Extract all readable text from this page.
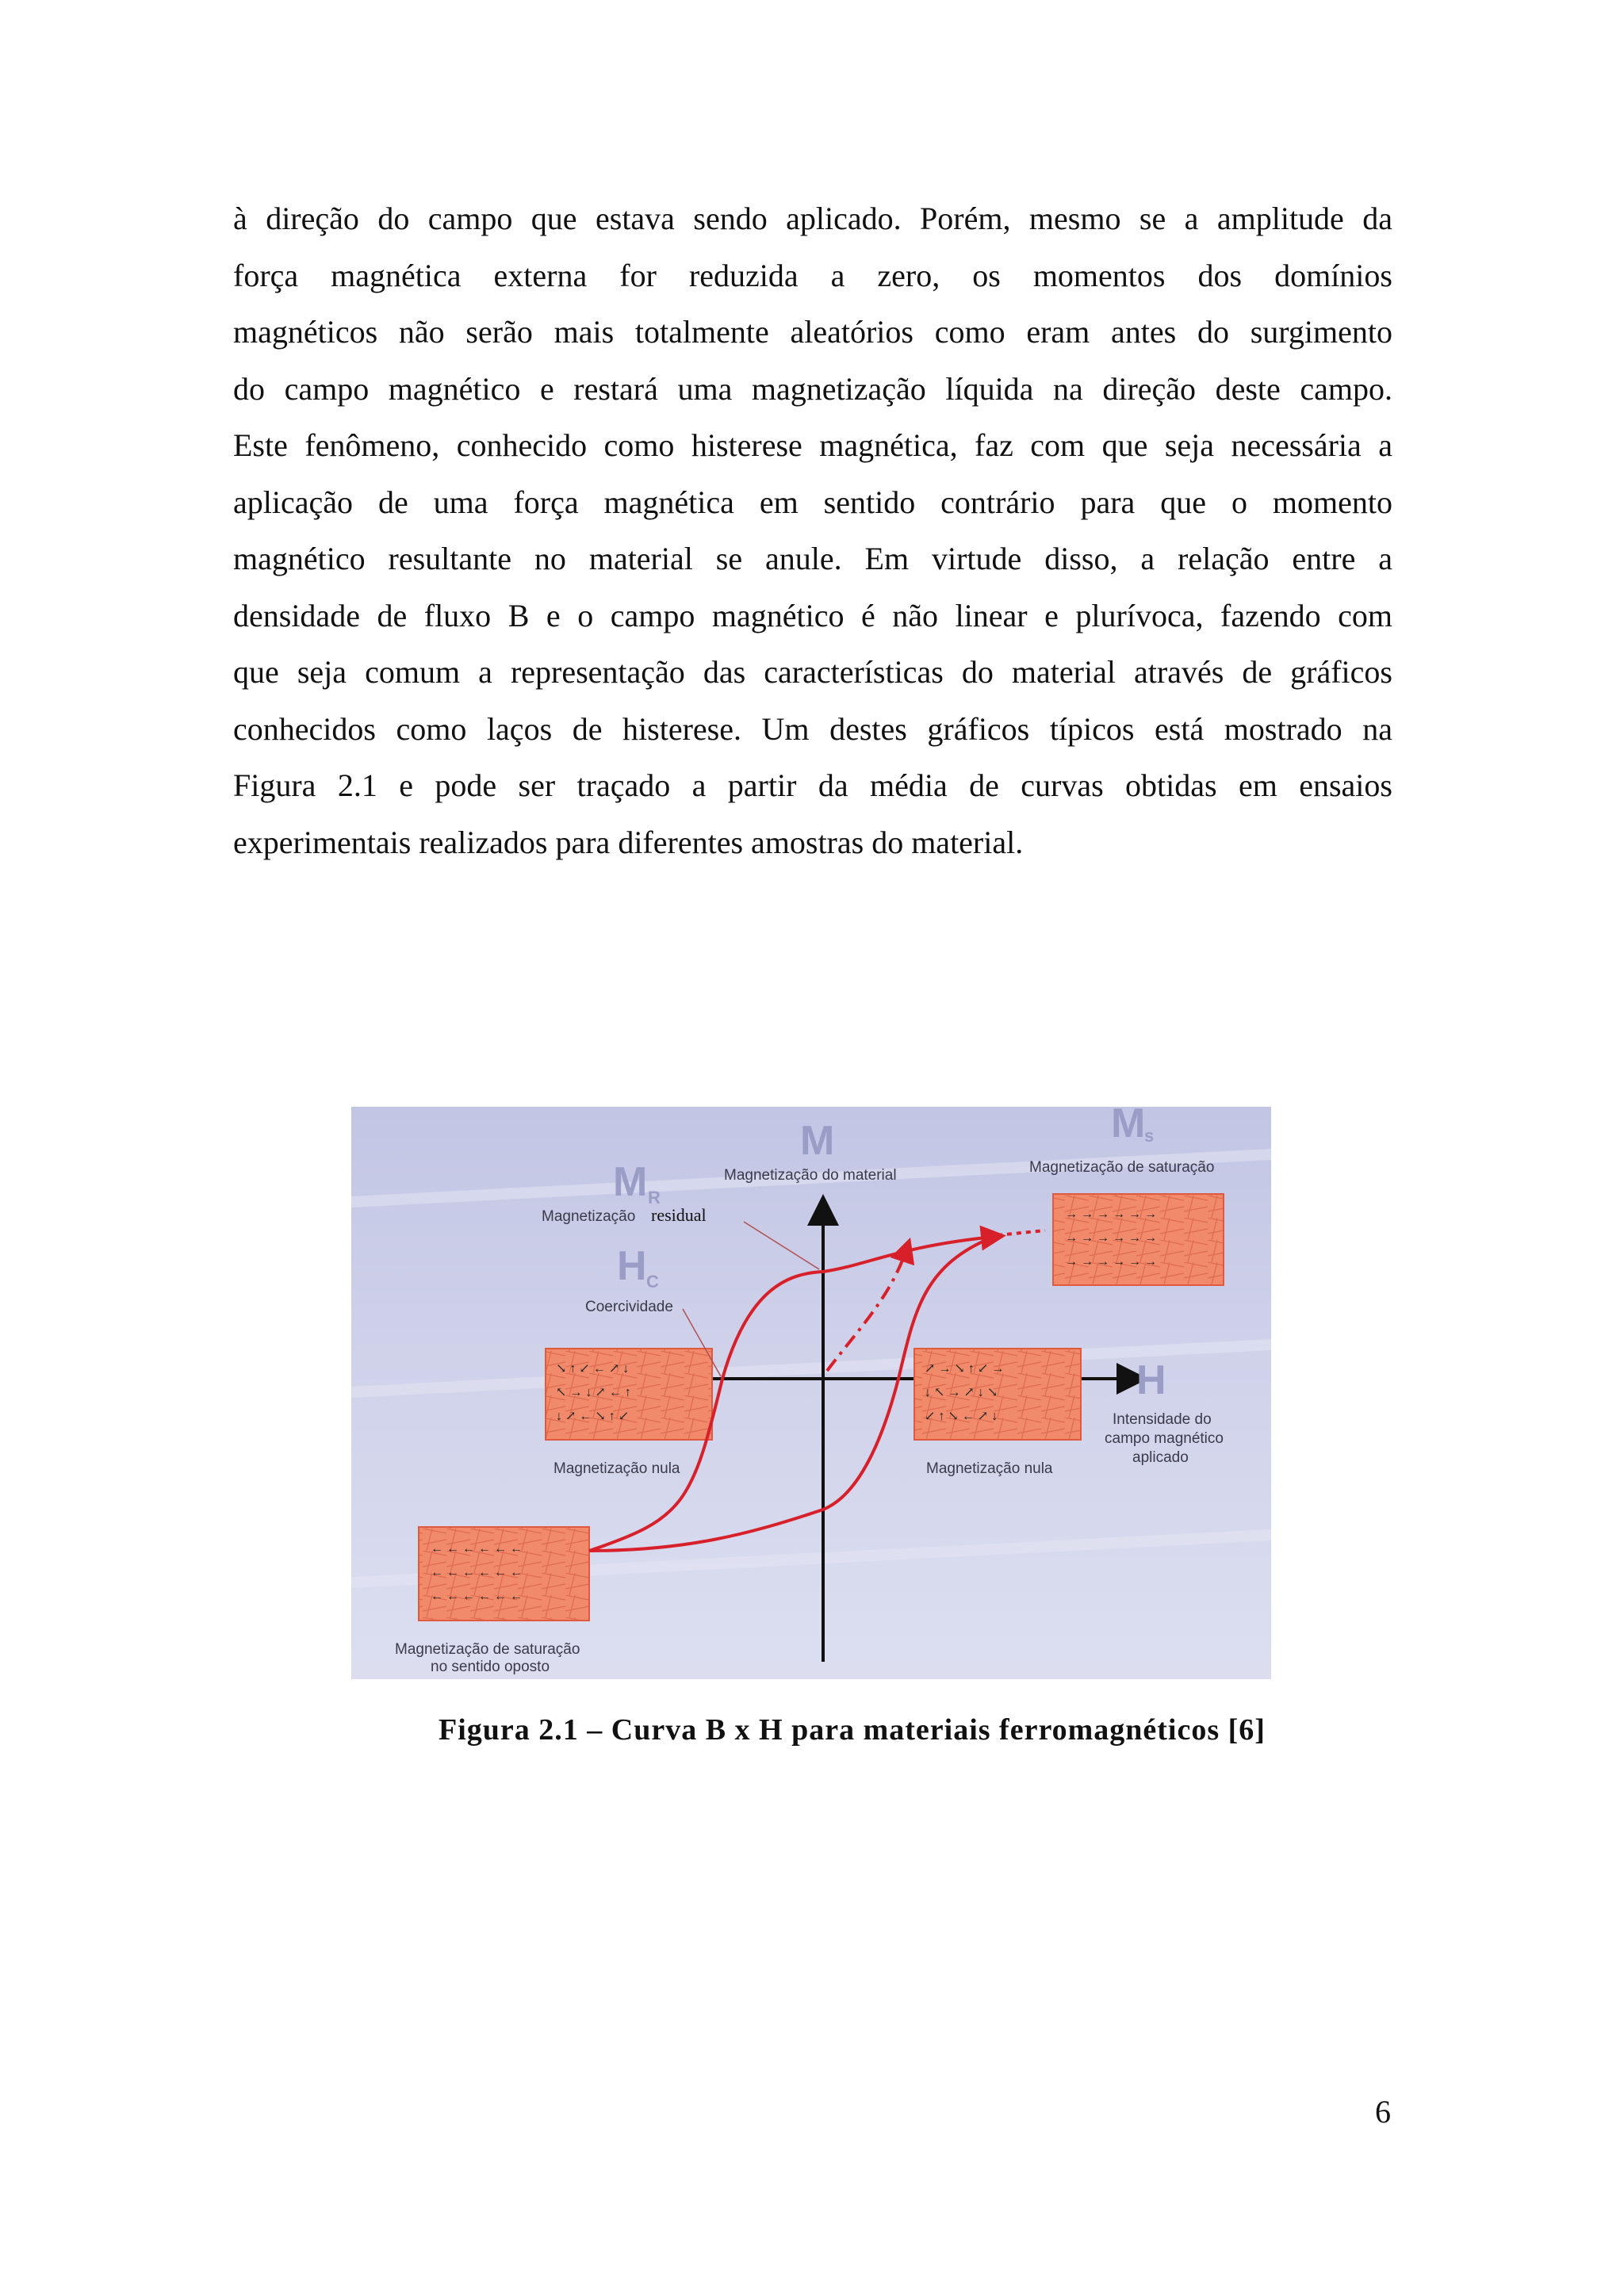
à direção do campo que estava sendo aplicado. Porém, mesmo se a amplitude da
força magnética externa for reduzida a zero, os momentos dos domínios
magnéticos não serão mais totalmente aleatórios como eram antes do surgimento
do campo magnético e restará uma magnetização líquida na direção deste campo.
Este fenômeno, conhecido como histerese magnética, faz com que seja necessária a
aplicação de uma força magnética em sentido contrário para que o momento
magnético resultante no material se anule. Em virtude disso, a relação entre a
densidade de fluxo B e o campo magnético é não linear e plurívoca, fazendo com
que seja comum a representação das características do material através de gráficos
conhecidos como laços de histerese. Um destes gráficos típicos está mostrado na
Figura 2.1 e pode ser traçado a partir da média de curvas obtidas em ensaios
experimentais realizados para diferentes amostras do material.

→ → → → → →
→ → → → → →
→ → → → → →
↘ ↑ ↙ ← ↗ ↓
↖ → ↓ ↗ ← ↑
↓ ↗ ← ↘ ↑ ↙
↗ → ↘ ↑ ↙ →
↓ ↖ → ↗ ↓ ↘
↙ ↑ ↘ ← ↗ ↓
← ← ← ← ← ←
← ← ← ← ← ←
← ← ← ← ← ←
M
Magnetização do material
M
s
Magnetização de saturação
M R
Magnetização residual
H C
Coercividade
H
Intensidade do
campo magnético
aplicado
Magnetização nula	Magnetização nula
Magnetização de saturação
no sentido oposto
Figura 2.1 – Curva B x H para materiais ferromagnéticos [6]
6
